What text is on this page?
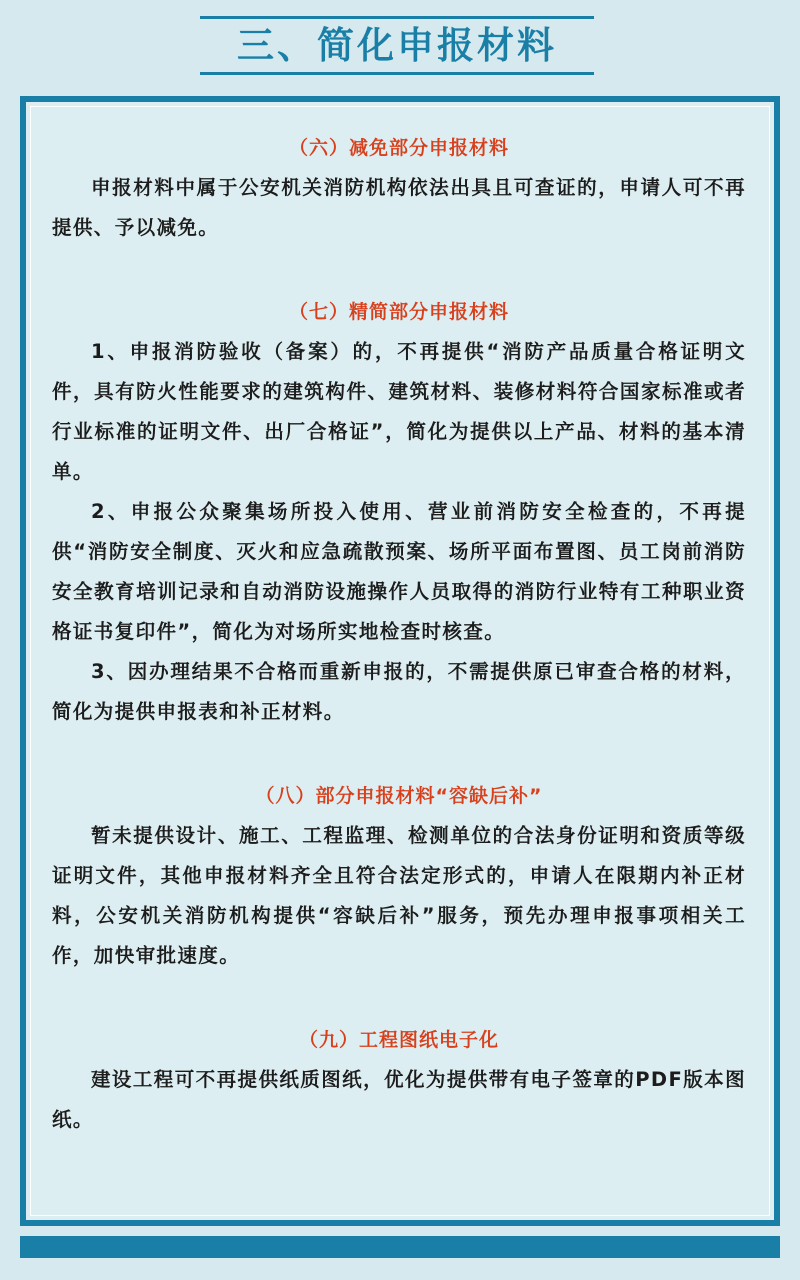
三、简化申报材料
（六）减免部分申报材料

申报材料中属于公安机关消防机构依法出具且可查证的，申请人可不再提供、予以减免。

（七）精简部分申报材料

1、申报消防验收（备案）的，不再提供“消防产品质量合格证明文件，具有防火性能要求的建筑构件、建筑材料、装修材料符合国家标准或者行业标准的证明文件、出厂合格证”，简化为提供以上产品、材料的基本清单。

2、申报公众聚集场所投入使用、营业前消防安全检查的，不再提供“消防安全制度、灭火和应急疏散预案、场所平面布置图、员工岗前消防安全教育培训记录和自动消防设施操作人员取得的消防行业特有工种职业资格证书复印件”，简化为对场所实地检查时核查。

3、因办理结果不合格而重新申报的，不需提供原已审查合格的材料，简化为提供申报表和补正材料。

（八）部分申报材料“容缺后补”

暂未提供设计、施工、工程监理、检测单位的合法身份证明和资质等级证明文件，其他申报材料齐全且符合法定形式的，申请人在限期内补正材料，公安机关消防机构提供“容缺后补”服务，预先办理申报事项相关工作，加快审批速度。

（九）工程图纸电子化

建设工程可不再提供纸质图纸，优化为提供带有电子签章的PDF版本图纸。
